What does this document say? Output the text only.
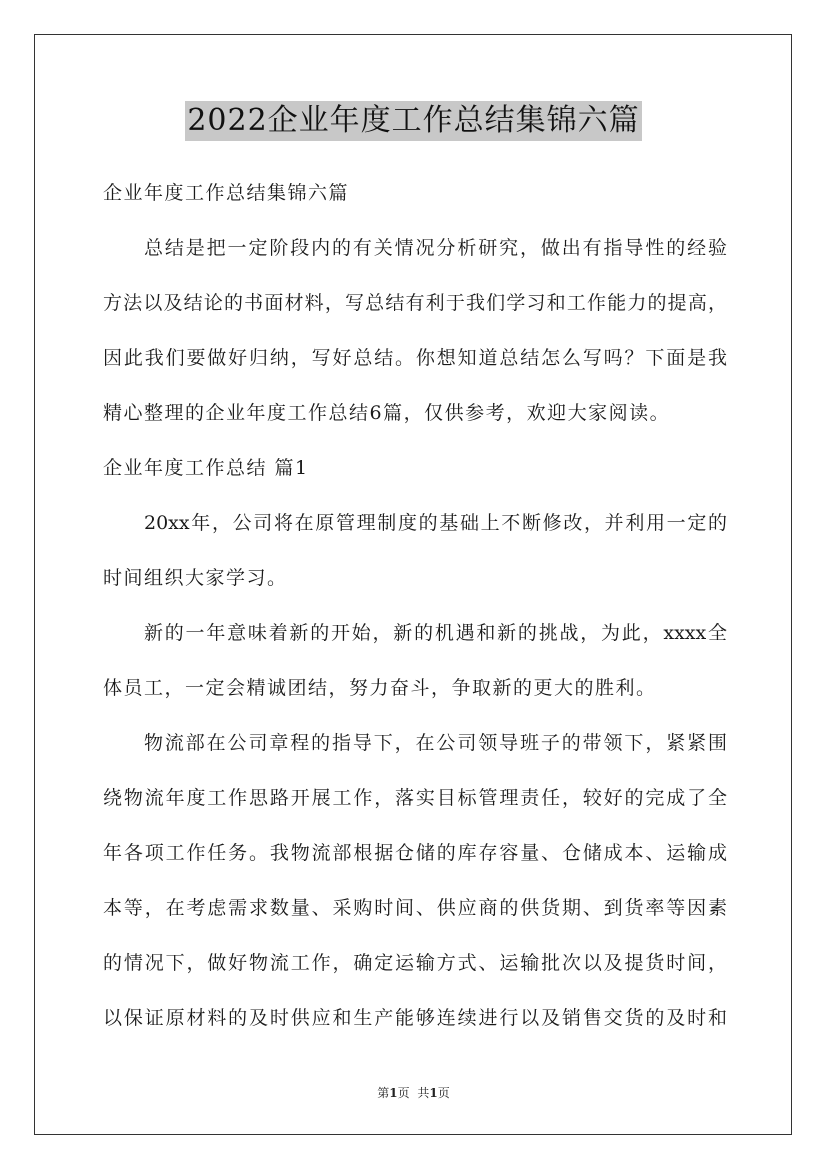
2022企业年度工作总结集锦六篇
企业年度工作总结集锦六篇
总结是把一定阶段内的有关情况分析研究，做出有指导性的经验
方法以及结论的书面材料，写总结有利于我们学习和工作能力的提高，
因此我们要做好归纳，写好总结。你想知道总结怎么写吗？下面是我
精心整理的企业年度工作总结6篇，仅供参考，欢迎大家阅读。
企业年度工作总结 篇1
20xx年，公司将在原管理制度的基础上不断修改，并利用一定的
时间组织大家学习。
新的一年意味着新的开始，新的机遇和新的挑战，为此，xxxx全
体员工，一定会精诚团结，努力奋斗，争取新的更大的胜利。
物流部在公司章程的指导下，在公司领导班子的带领下，紧紧围
绕物流年度工作思路开展工作，落实目标管理责任，较好的完成了全
年各项工作任务。我物流部根据仓储的库存容量、仓储成本、运输成
本等，在考虑需求数量、采购时间、供应商的供货期、到货率等因素
的情况下，做好物流工作，确定运输方式、运输批次以及提货时间，
以保证原材料的及时供应和生产能够连续进行以及销售交货的及时和
第1页 共1页
